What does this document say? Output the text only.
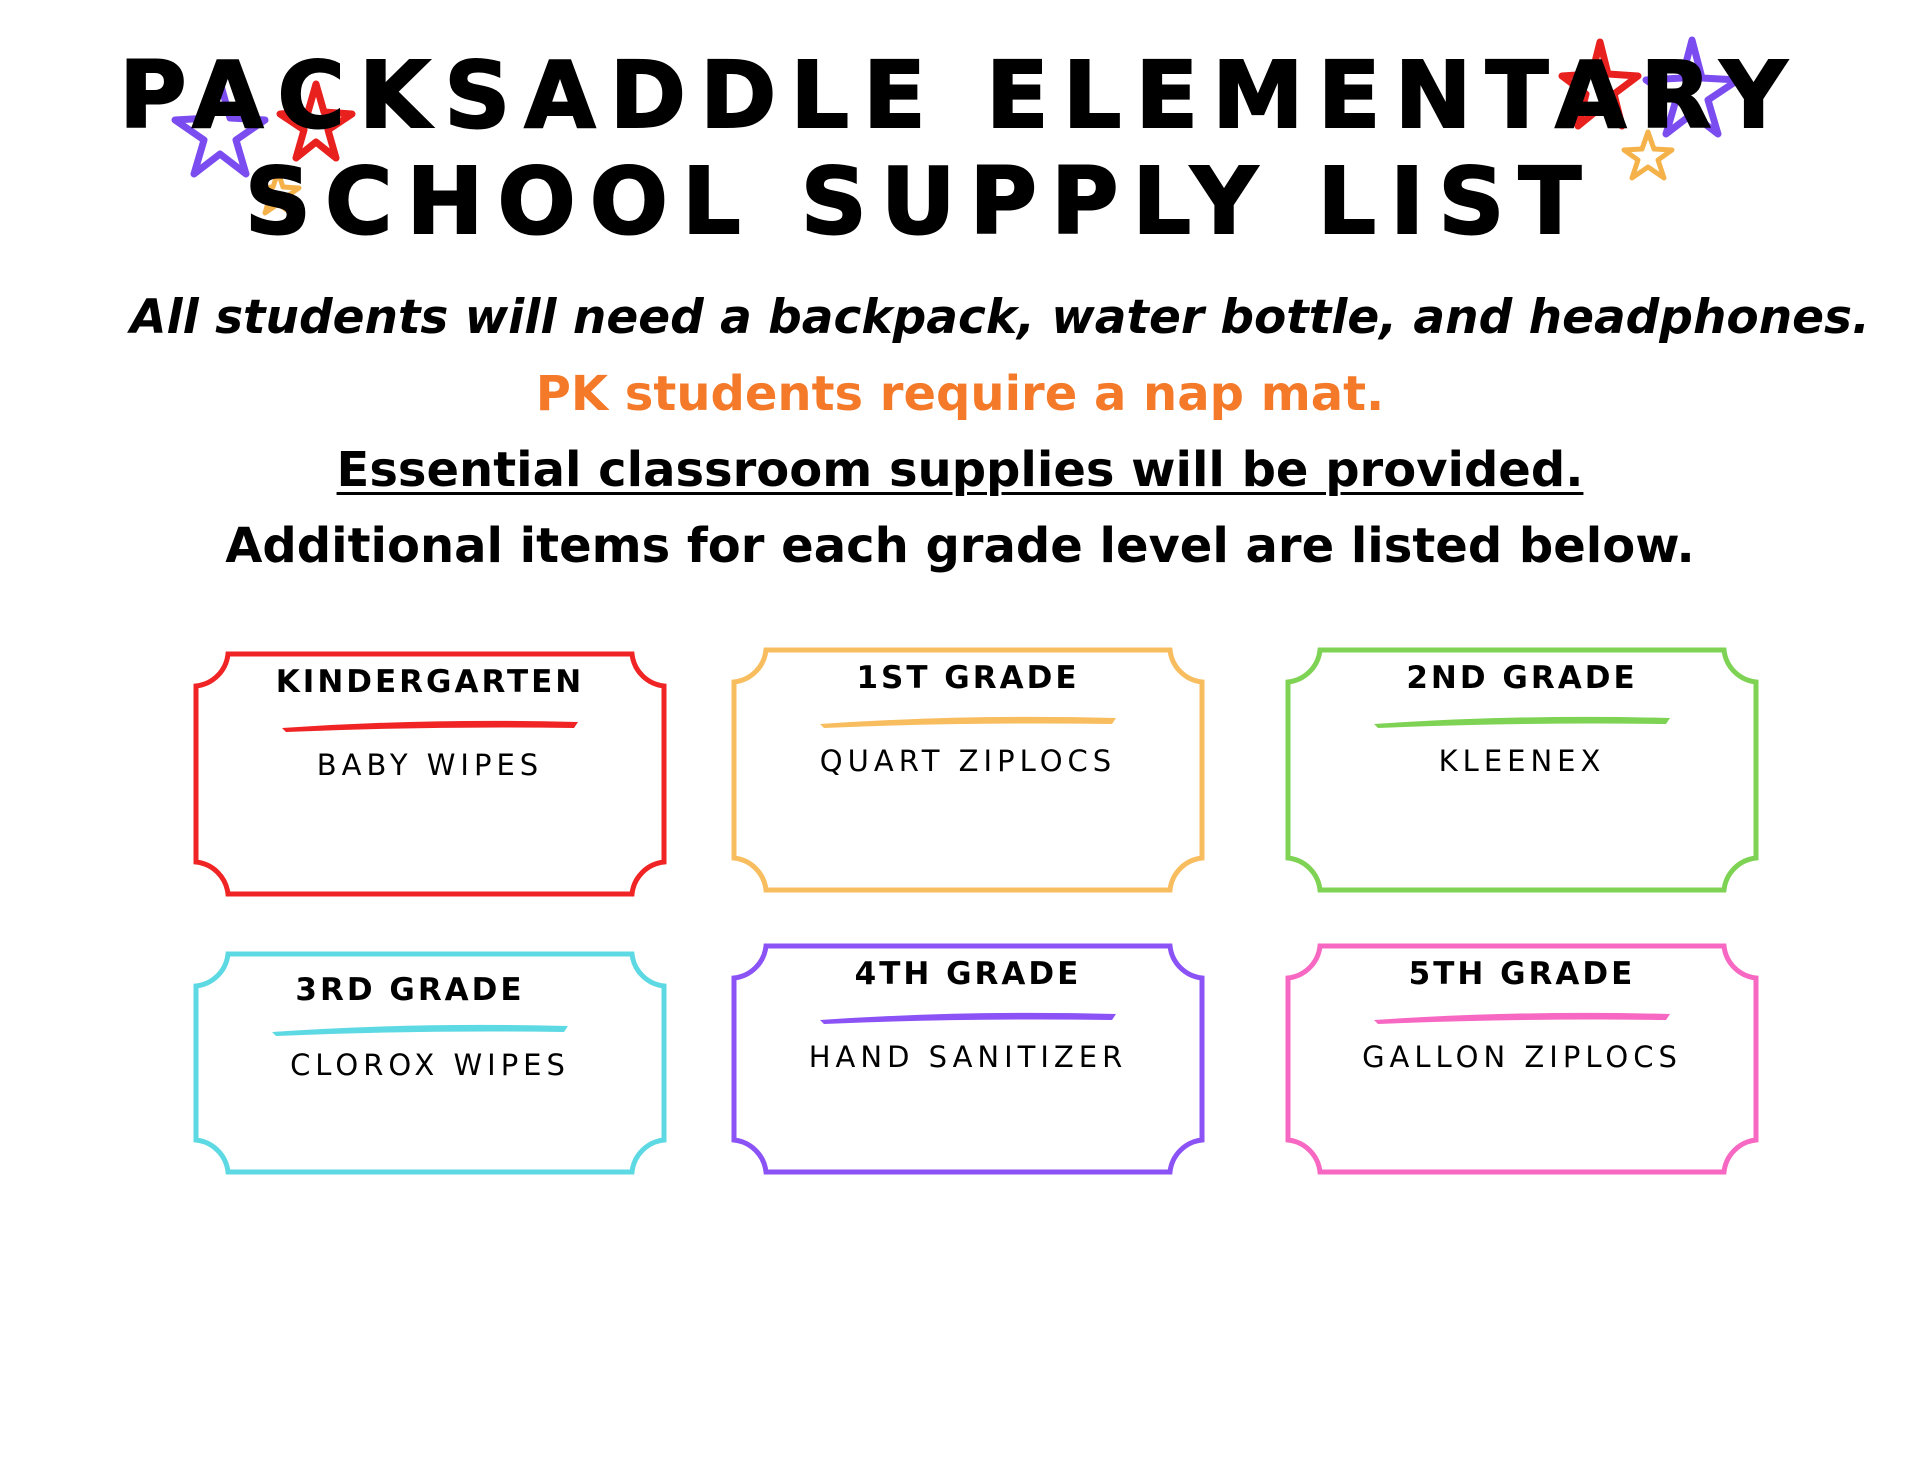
PACKSADDLE ELEMENTARY
SCHOOL SUPPLY LIST
All students will need a backpack, water bottle, and headphones.
PK students require a nap mat.
Essential classroom supplies will be provided.
Additional items for each grade level are listed below.
KINDERGARTEN
BABY WIPES
1ST GRADE
QUART ZIPLOCS
2ND GRADE
KLEENEX
3RD GRADE
CLOROX WIPES
4TH GRADE
HAND SANITIZER
5TH GRADE
GALLON ZIPLOCS
